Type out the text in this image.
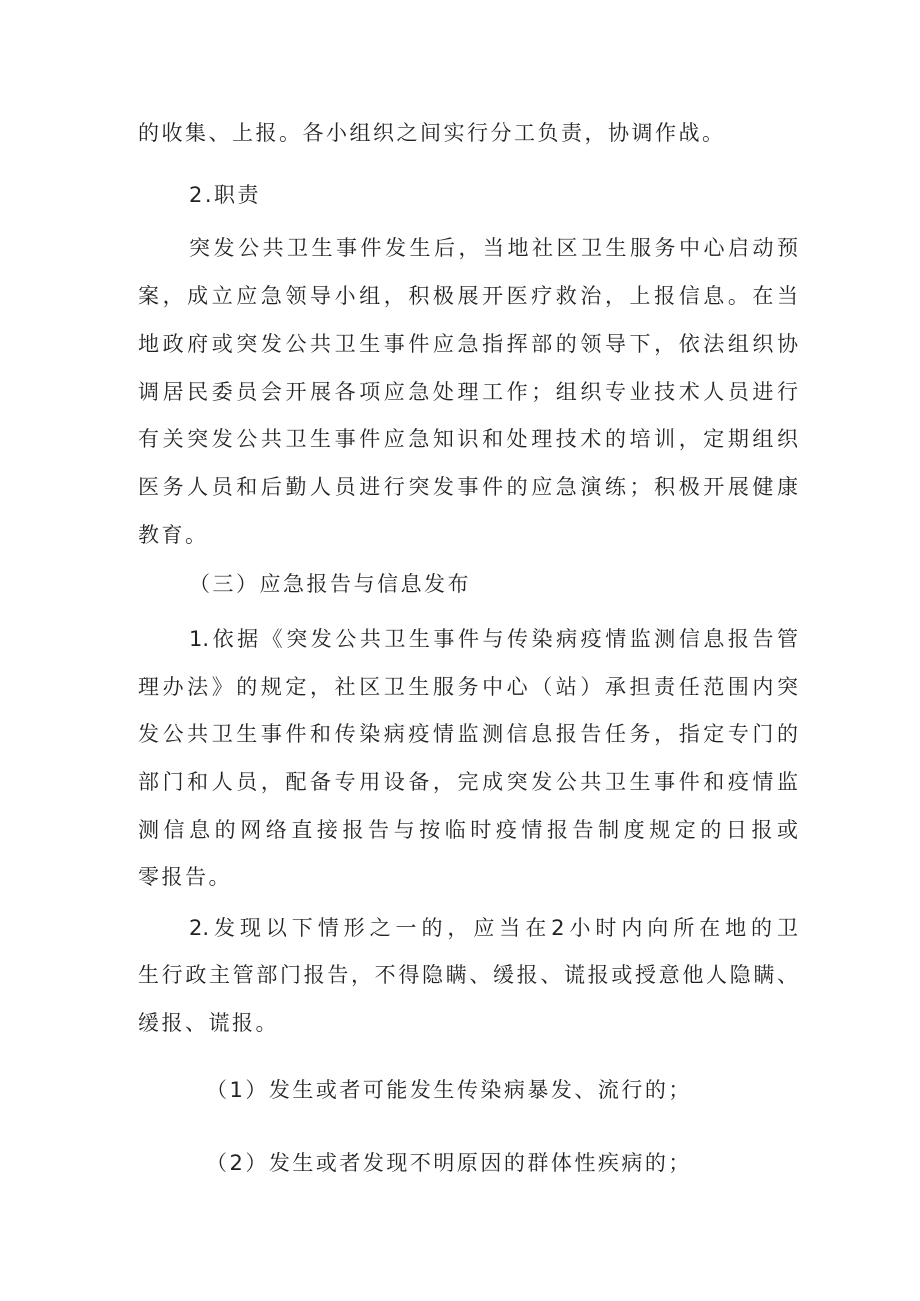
的收集、上报。各小组织之间实行分工负责，协调作战。
2.职责
突发公共卫生事件发生后，当地社区卫生服务中心启动预
案，成立应急领导小组，积极展开医疗救治，上报信息。在当
地政府或突发公共卫生事件应急指挥部的领导下，依法组织协
调居民委员会开展各项应急处理工作；组织专业技术人员进行
有关突发公共卫生事件应急知识和处理技术的培训，定期组织
医务人员和后勤人员进行突发事件的应急演练；积极开展健康
教育。
（三）应急报告与信息发布
1.依据《突发公共卫生事件与传染病疫情监测信息报告管
理办法》的规定，社区卫生服务中心（站）承担责任范围内突
发公共卫生事件和传染病疫情监测信息报告任务，指定专门的
部门和人员，配备专用设备，完成突发公共卫生事件和疫情监
测信息的网络直接报告与按临时疫情报告制度规定的日报或
零报告。
2.发现以下情形之一的，应当在2小时内向所在地的卫
生行政主管部门报告，不得隐瞒、缓报、谎报或授意他人隐瞒、
缓报、谎报。
（1）发生或者可能发生传染病暴发、流行的；
（2）发生或者发现不明原因的群体性疾病的；
